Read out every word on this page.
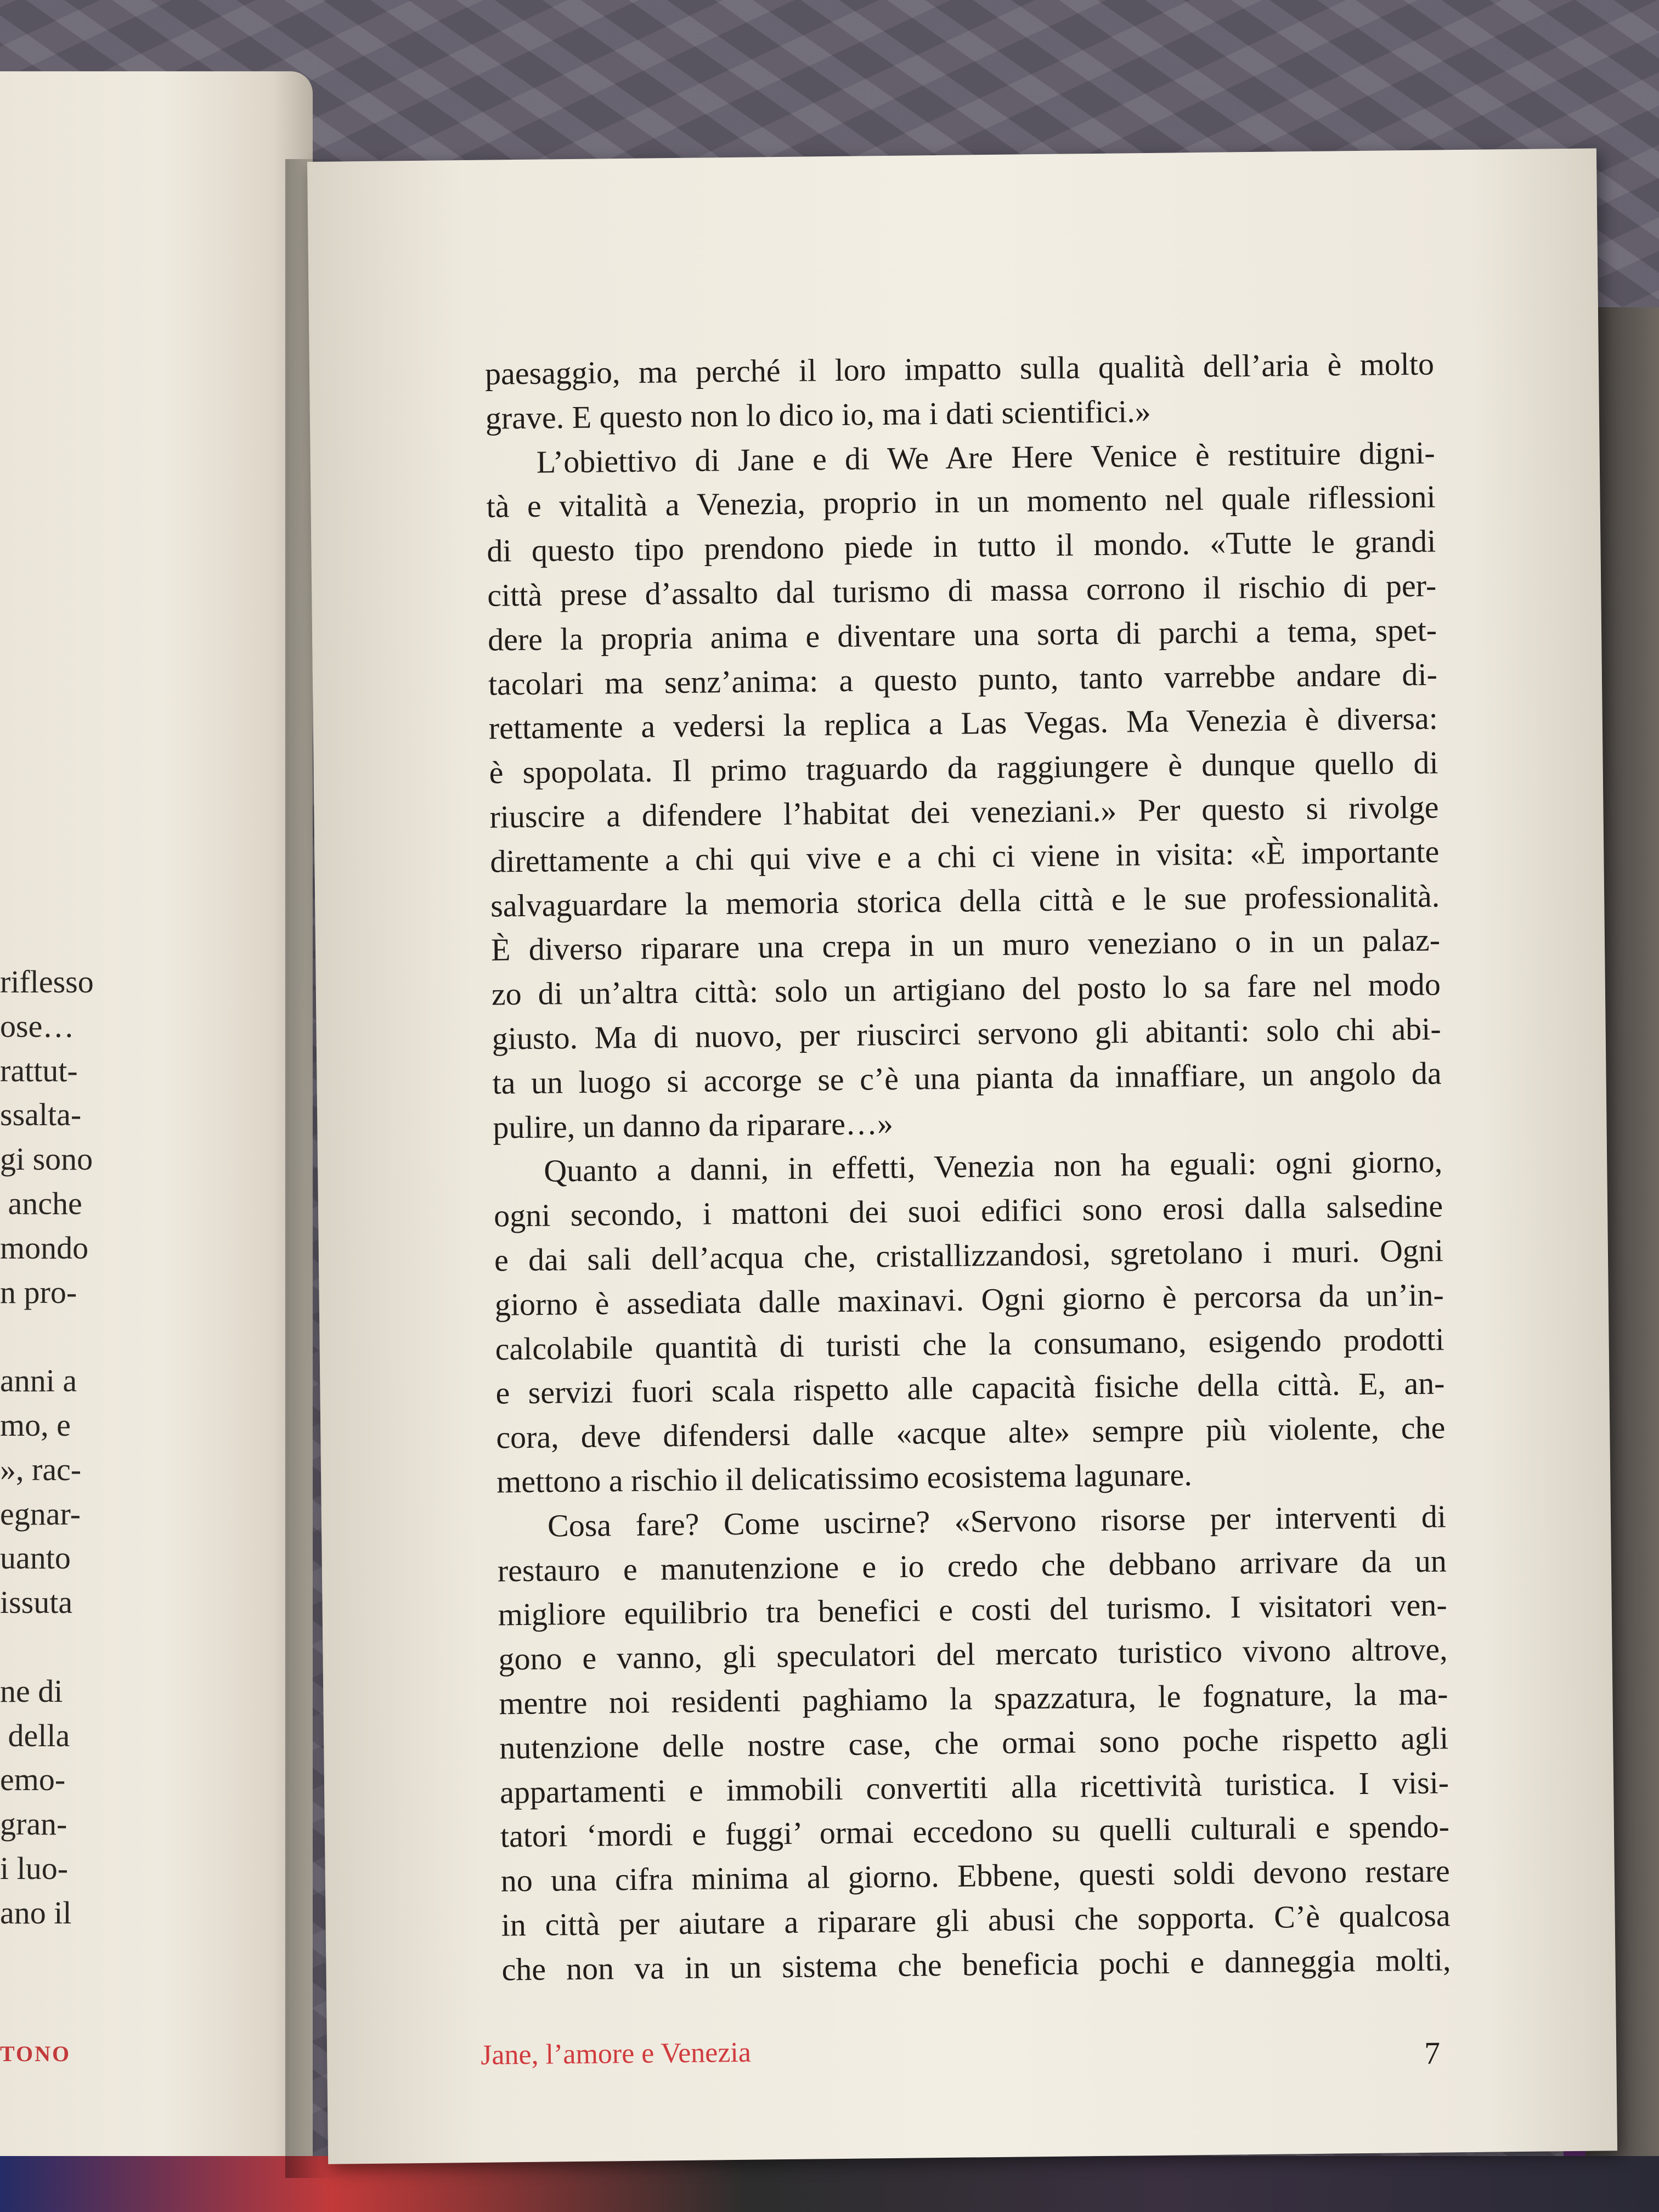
riflesso
ose…
rattut-
ssalta-
gi sono
anche
mondo
n pro-
anni a
mo, e
», rac-
egnar-
uanto
issuta
ne di
della
emo-
gran-
i luo-
ano il
TONO
paesaggio, ma perché il loro impatto sulla qualità dell’aria è molto
grave. E questo non lo dico io, ma i dati scientifici.»
L’obiettivo di Jane e di We Are Here Venice è restituire digni-
tà e vitalità a Venezia, proprio in un momento nel quale riflessioni
di questo tipo prendono piede in tutto il mondo. «Tutte le grandi
città prese d’assalto dal turismo di massa corrono il rischio di per-
dere la propria anima e diventare una sorta di parchi a tema, spet-
tacolari ma senz’anima: a questo punto, tanto varrebbe andare di-
rettamente a vedersi la replica a Las Vegas. Ma Venezia è diversa:
è spopolata. Il primo traguardo da raggiungere è dunque quello di
riuscire a difendere l’habitat dei veneziani.» Per questo si rivolge
direttamente a chi qui vive e a chi ci viene in visita: «È importante
salvaguardare la memoria storica della città e le sue professionalità.
È diverso riparare una crepa in un muro veneziano o in un palaz-
zo di un’altra città: solo un artigiano del posto lo sa fare nel modo
giusto. Ma di nuovo, per riuscirci servono gli abitanti: solo chi abi-
ta un luogo si accorge se c’è una pianta da innaffiare, un angolo da
pulire, un danno da riparare…»
Quanto a danni, in effetti, Venezia non ha eguali: ogni giorno,
ogni secondo, i mattoni dei suoi edifici sono erosi dalla salsedine
e dai sali dell’acqua che, cristallizzandosi, sgretolano i muri. Ogni
giorno è assediata dalle maxinavi. Ogni giorno è percorsa da un’in-
calcolabile quantità di turisti che la consumano, esigendo prodotti
e servizi fuori scala rispetto alle capacità fisiche della città. E, an-
cora, deve difendersi dalle «acque alte» sempre più violente, che
mettono a rischio il delicatissimo ecosistema lagunare.
Cosa fare? Come uscirne? «Servono risorse per interventi di
restauro e manutenzione e io credo che debbano arrivare da un
migliore equilibrio tra benefici e costi del turismo. I visitatori ven-
gono e vanno, gli speculatori del mercato turistico vivono altrove,
mentre noi residenti paghiamo la spazzatura, le fognature, la ma-
nutenzione delle nostre case, che ormai sono poche rispetto agli
appartamenti e immobili convertiti alla ricettività turistica. I visi-
tatori ‘mordi e fuggi’ ormai eccedono su quelli culturali e spendo-
no una cifra minima al giorno. Ebbene, questi soldi devono restare
in città per aiutare a riparare gli abusi che sopporta. C’è qualcosa
che non va in un sistema che beneficia pochi e danneggia molti,
Jane, l’amore e Venezia	7
